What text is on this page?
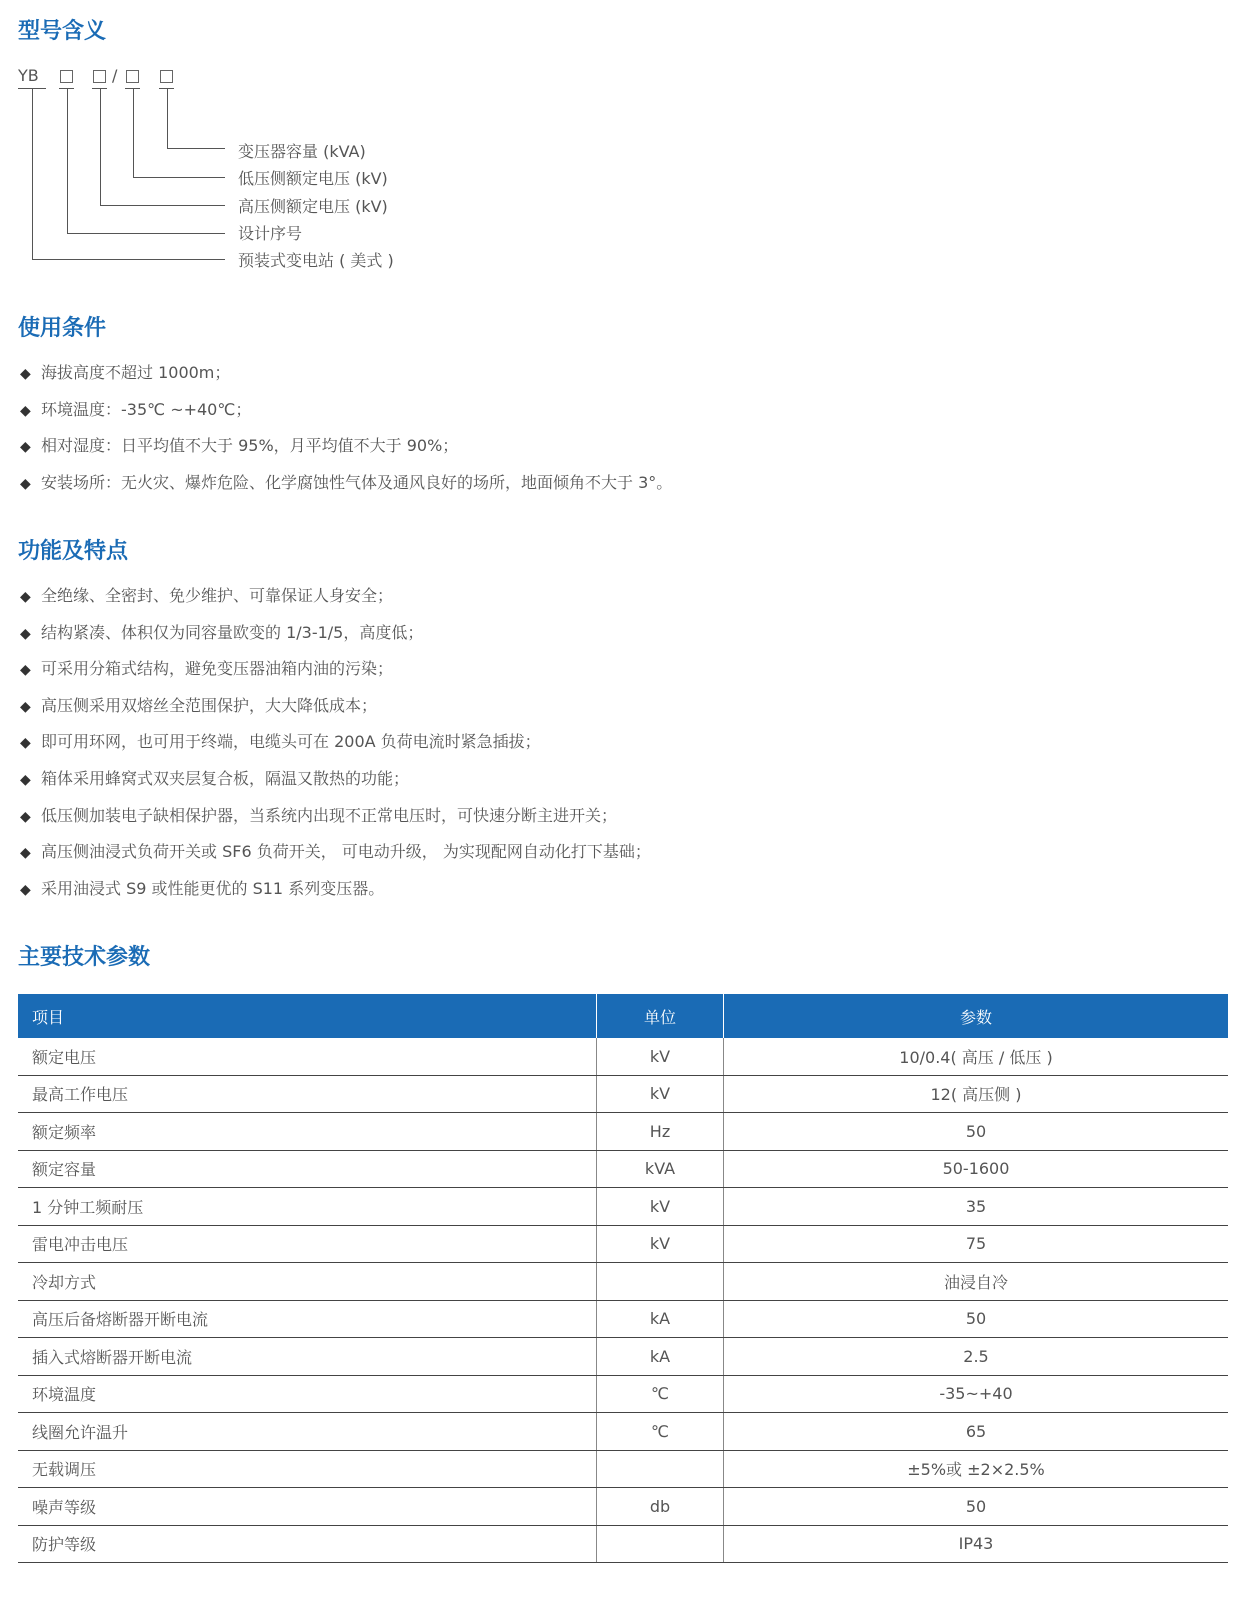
型号含义
YB	/
变压器容量 (kVA)
低压侧额定电压 (kV)
高压侧额定电压 (kV)
设计序号
预装式变电站 ( 美式 )
使用条件
◆ 海拔高度不超过 1000m；
◆ 环境温度：-35℃ ~+40℃；
◆ 相对湿度：日平均值不大于 95%，月平均值不大于 90%；
◆ 安装场所：无火灾、爆炸危险、化学腐蚀性气体及通风良好的场所，地面倾角不大于 3°。
功能及特点
◆ 全绝缘、全密封、免少维护、可靠保证人身安全；
◆ 结构紧凑、体积仅为同容量欧变的 1/3-1/5，高度低；
◆ 可采用分箱式结构，避免变压器油箱内油的污染；
◆ 高压侧采用双熔丝全范围保护，大大降低成本；
◆ 即可用环网，也可用于终端，电缆头可在 200A 负荷电流时紧急插拔；
◆ 箱体采用蜂窝式双夹层复合板，隔温又散热的功能；
◆ 低压侧加装电子缺相保护器，当系统内出现不正常电压时，可快速分断主进开关；
◆ 高压侧油浸式负荷开关或 SF6 负荷开关， 可电动升级， 为实现配网自动化打下基础；
◆ 采用油浸式 S9 或性能更优的 S11 系列变压器。
主要技术参数
项目	单位	参数
额定电压	kV	10/0.4( 高压 / 低压 )
最高工作电压	kV	12( 高压侧 )
额定频率	Hz	50
额定容量	kVA	50-1600
1 分钟工频耐压	kV	35
雷电冲击电压	kV	75
冷却方式		油浸自冷
高压后备熔断器开断电流	kA	50
插入式熔断器开断电流	kA	2.5
环境温度	℃	-35~+40
线圈允许温升	℃	65
无载调压		±5%或 ±2×2.5%
噪声等级	db	50
防护等级		IP43
